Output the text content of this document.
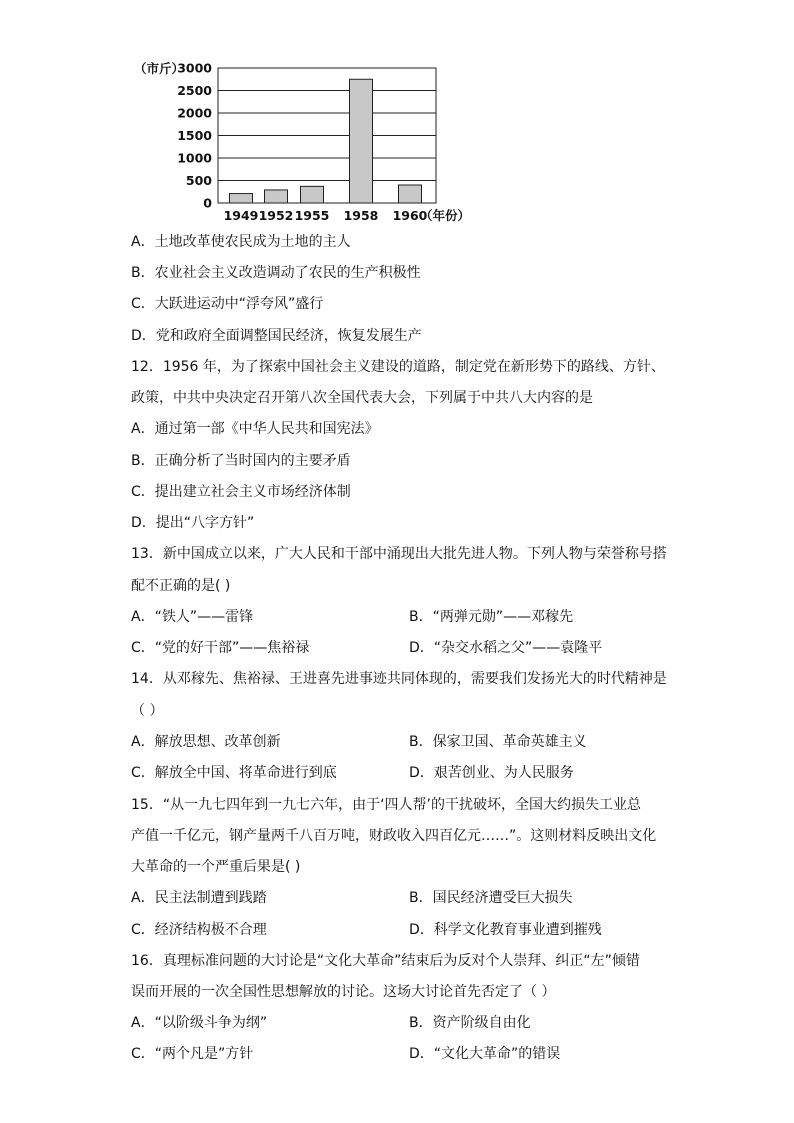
（市斤）
0
500
1000
1500
2000
2500
3000
1949 1952 1955 1958 1960
（年份）
A．土地改革使农民成为土地的主人
B．农业社会主义改造调动了农民的生产积极性
C．大跃进运动中“浮夸风”盛行
D．党和政府全面调整国民经济，恢复发展生产
12．1956 年，为了探索中国社会主义建设的道路，制定党在新形势下的路线、方针、
政策，中共中央决定召开第八次全国代表大会，下列属于中共八大内容的是
A．通过第一部《中华人民共和国宪法》
B．正确分析了当时国内的主要矛盾
C．提出建立社会主义市场经济体制
D．提出“八字方针”
13．新中国成立以来，广大人民和干部中涌现出大批先进人物。下列人物与荣誉称号搭
配不正确的是( )
A．“铁人”——雷锋	B．“两弹元勋”——邓稼先
C．“党的好干部”——焦裕禄	D．“杂交水稻之父”——袁隆平
14．从邓稼先、焦裕禄、王进喜先进事迹共同体现的，需要我们发扬光大的时代精神是
（ ）
A．解放思想、改革创新	B．保家卫国、革命英雄主义
C．解放全中国、将革命进行到底	D．艰苦创业、为人民服务
15．“从一九七四年到一九七六年，由于‘四人帮’的干扰破坏，全国大约损失工业总
产值一千亿元，钢产量两千八百万吨，财政收入四百亿元……”。这则材料反映出文化
大革命的一个严重后果是( )
A．民主法制遭到践踏	B．国民经济遭受巨大损失
C．经济结构极不合理	D．科学文化教育事业遭到摧残
16．真理标准问题的大讨论是“文化大革命”结束后为反对个人崇拜、纠正“左”倾错
误而开展的一次全国性思想解放的讨论。这场大讨论首先否定了（ ）
A．“以阶级斗争为纲”	B．资产阶级自由化
C．“两个凡是”方针	D．“文化大革命”的错误
